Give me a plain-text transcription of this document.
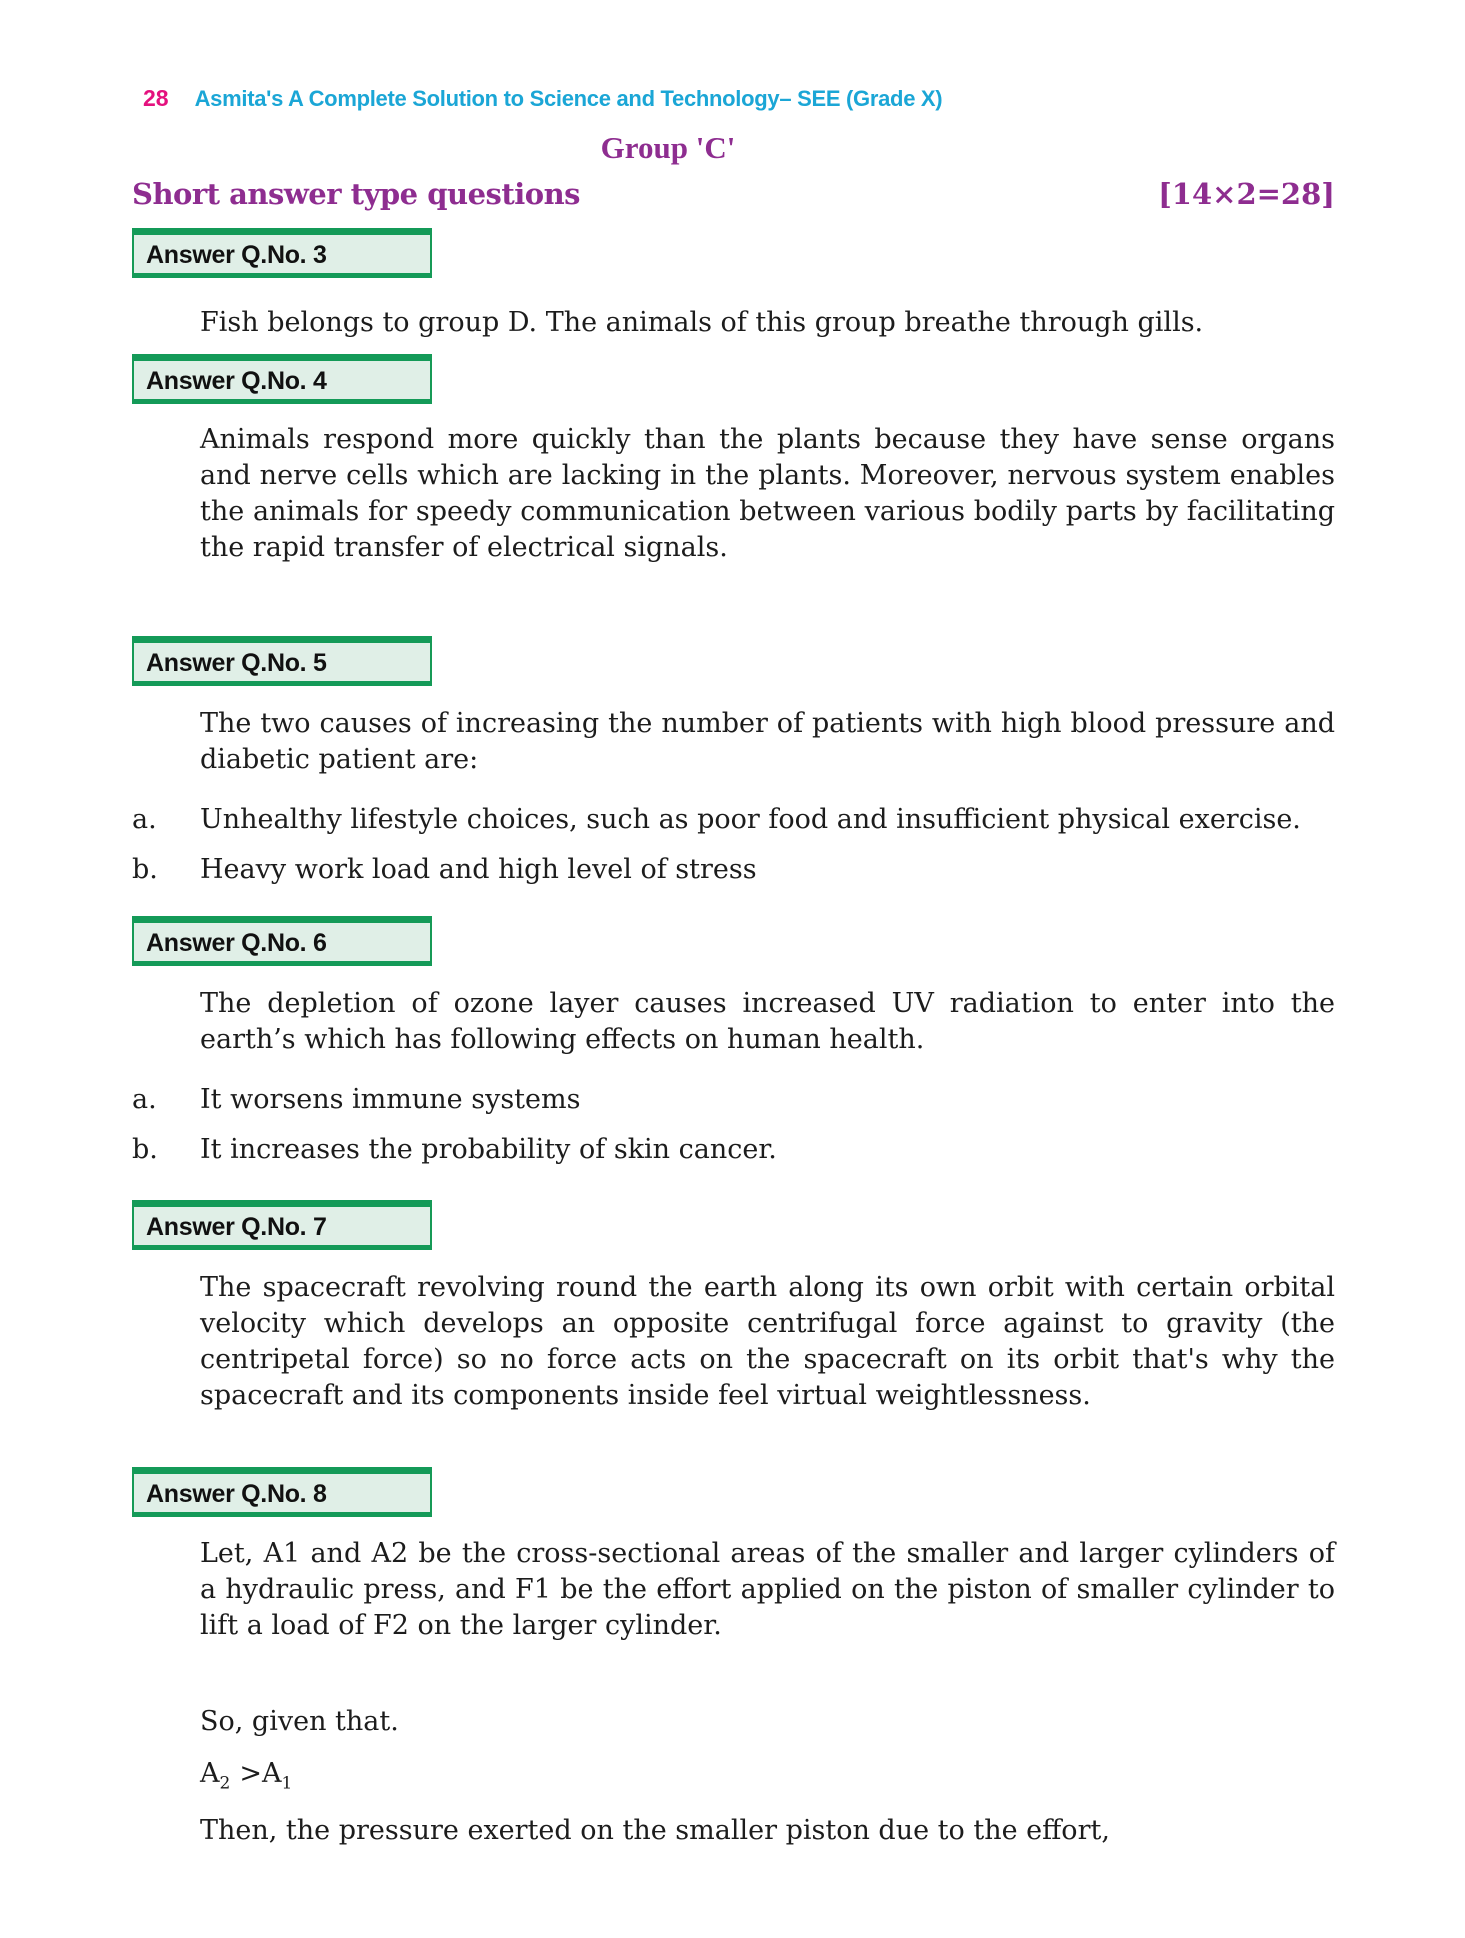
28 Asmita's A Complete Solution to Science and Technology– SEE (Grade X)
Group 'C'
Short answer type questions	[14×2=28]
Answer Q.No. 3

Fish belongs to group D. The animals of this group breathe through gills.

Answer Q.No. 4

Animals respond more quickly than the plants because they have sense organs and nerve cells which are lacking in the plants. Moreover, nervous system enables the animals for speedy communication between various bodily parts by facilitating the rapid transfer of electrical signals.

Answer Q.No. 5

The two causes of increasing the number of patients with high blood pressure and diabetic patient are:

a.	Unhealthy lifestyle choices, such as poor food and insufficient physical exercise.
b.	Heavy work load and high level of stress
Answer Q.No. 6

The depletion of ozone layer causes increased UV radiation to enter into the earth’s which has following effects on human health.

a.	It worsens immune systems
b.	It increases the probability of skin cancer.
Answer Q.No. 7

The spacecraft revolving round the earth along its own orbit with certain orbital velocity which develops an opposite centrifugal force against to gravity (the centripetal force) so no force acts on the spacecraft on its orbit that's why the spacecraft and its components inside feel virtual weightlessness.

Answer Q.No. 8

Let, A1 and A2 be the cross-sectional areas of the smaller and larger cylinders of a hydraulic press, and F1 be the effort applied on the piston of smaller cylinder to lift a load of F2 on the larger cylinder.

So, given that.

$A_2 >A_1$

Then, the pressure exerted on the smaller piston due to the effort,
